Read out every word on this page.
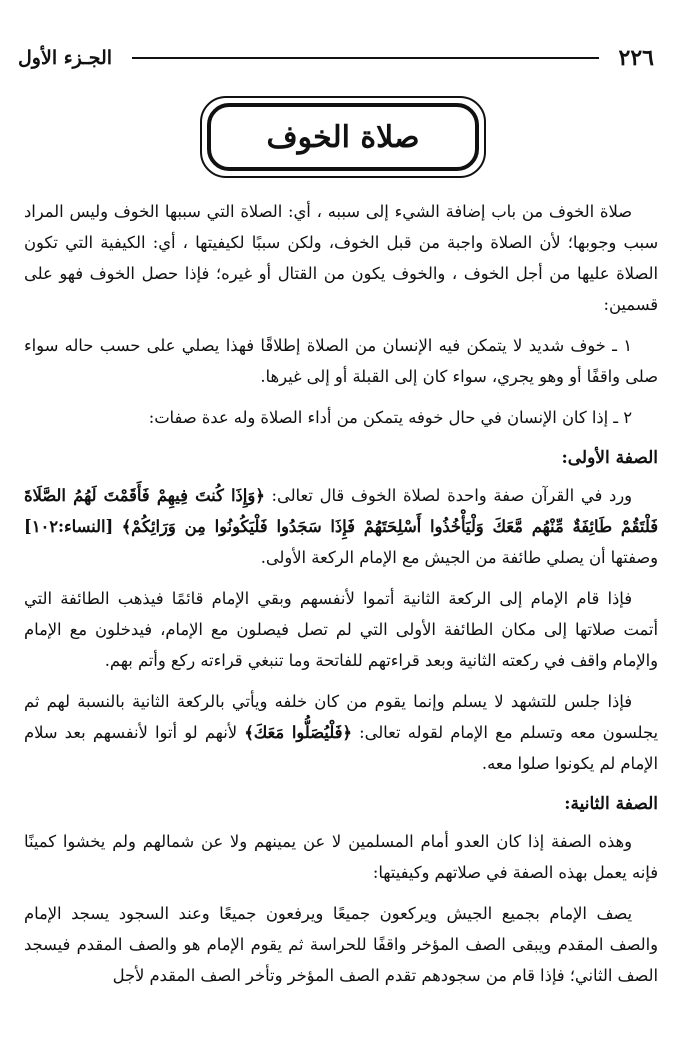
٢٢٦
الجـزء الأول
صلاة الخوف

صلاة الخوف من باب إضافة الشيء إلى سببه ، أي: الصلاة التي سببها الخوف وليس المراد سبب وجوبها؛ لأن الصلاة واجبة من قبل الخوف، ولكن سببًا لكيفيتها ، أي: الكيفية التي تكون الصلاة عليها من أجل الخوف ، والخوف يكون من القتال أو غيره؛ فإذا حصل الخوف فهو على قسمين:

١ ـ خوف شديد لا يتمكن فيه الإنسان من الصلاة إطلاقًا فهذا يصلي على حسب حاله سواء صلى واقفًا أو وهو يجري، سواء كان إلى القبلة أو إلى غيرها.

٢ ـ إذا كان الإنسان في حال خوفه يتمكن من أداء الصلاة وله عدة صفات:

الصفة الأولى:

ورد في القرآن صفة واحدة لصلاة الخوف قال تعالى: ﴿وَإِذَا كُنتَ فِيهِمْ فَأَقَمْتَ لَهُمُ الصَّلَاةَ فَلْتَقُمْ طَائِفَةٌ مِّنْهُم مَّعَكَ وَلْيَأْخُذُوا أَسْلِحَتَهُمْ فَإِذَا سَجَدُوا فَلْيَكُونُوا مِن وَرَائِكُمْ﴾ [النساء:١٠٢] وصفتها أن يصلي طائفة من الجيش مع الإمام الركعة الأولى.

فإذا قام الإمام إلى الركعة الثانية أتموا لأنفسهم وبقي الإمام قائمًا فيذهب الطائفة التي أتمت صلاتها إلى مكان الطائفة الأولى التي لم تصل فيصلون مع الإمام، فيدخلون مع الإمام والإمام واقف في ركعته الثانية وبعد قراءتهم للفاتحة وما تنبغي قراءته ركع وأتم بهم.

فإذا جلس للتشهد لا يسلم وإنما يقوم من كان خلفه ويأتي بالركعة الثانية بالنسبة لهم ثم يجلسون معه وتسلم مع الإمام لقوله تعالى: ﴿فَلْيُصَلُّوا مَعَكَ﴾ لأنهم لو أتوا لأنفسهم بعد سلام الإمام لم يكونوا صلوا معه.

الصفة الثانية:

وهذه الصفة إذا كان العدو أمام المسلمين لا عن يمينهم ولا عن شمالهم ولم يخشوا كمينًا فإنه يعمل بهذه الصفة في صلاتهم وكيفيتها:

يصف الإمام بجميع الجيش ويركعون جميعًا ويرفعون جميعًا وعند السجود يسجد الإمام والصف المقدم ويبقى الصف المؤخر واقفًا للحراسة ثم يقوم الإمام هو والصف المقدم فيسجد الصف الثاني؛ فإذا قام من سجودهم تقدم الصف المؤخر وتأخر الصف المقدم لأجل
